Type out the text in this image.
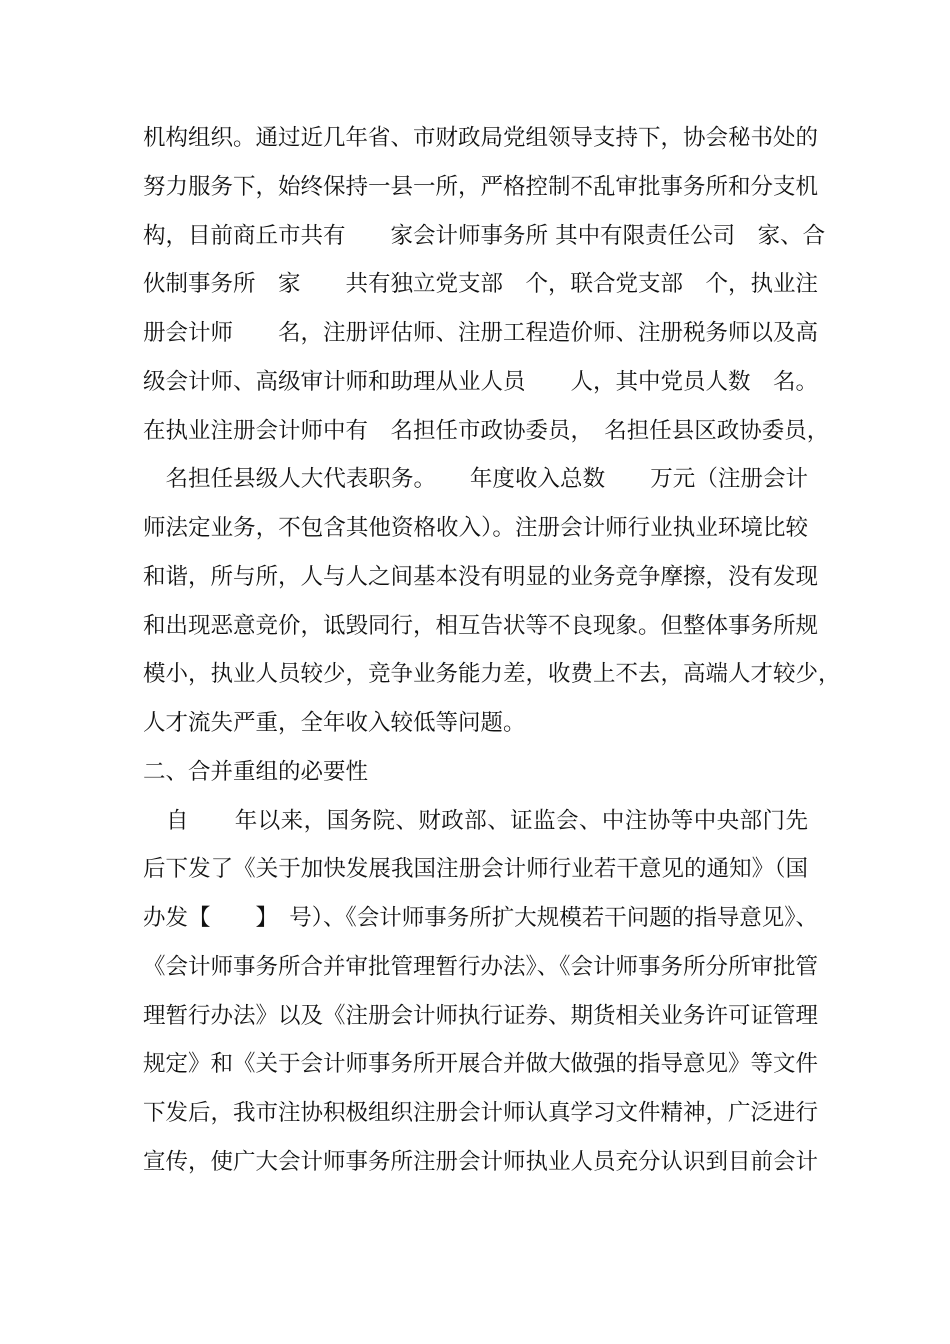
机构组织。通过近几年省、市财政局党组领导支持下，协会秘书处的
努力服务下，始终保持一县一所，严格控制不乱审批事务所和分支机
构，目前商丘市共有　　家会计师事务所 其中有限责任公司　家、合
伙制事务所　家　　共有独立党支部　个，联合党支部　个，执业注
册会计师　　名，注册评估师、注册工程造价师、注册税务师以及高
级会计师、高级审计师和助理从业人员　　人，其中党员人数　名。
在执业注册会计师中有　名担任市政协委员，　名担任县区政协委员，
　名担任县级人大代表职务。　　年度收入总数　　万元（注册会计
师法定业务，不包含其他资格收入）。注册会计师行业执业环境比较
和谐，所与所，人与人之间基本没有明显的业务竞争摩擦，没有发现
和出现恶意竞价，诋毁同行，相互告状等不良现象。但整体事务所规
模小，执业人员较少，竞争业务能力差，收费上不去，高端人才较少，
人才流失严重，全年收入较低等问题。
二、合并重组的必要性
　自　　年以来，国务院、财政部、证监会、中注协等中央部门先
后下发了《关于加快发展我国注册会计师行业若干意见的通知》（国
办发【　　】　号）、《会计师事务所扩大规模若干问题的指导意见》、
《会计师事务所合并审批管理暂行办法》、《会计师事务所分所审批管
理暂行办法》以及《注册会计师执行证券、期货相关业务许可证管理
规定》和《关于会计师事务所开展合并做大做强的指导意见》等文件
下发后，我市注协积极组织注册会计师认真学习文件精神，广泛进行
宣传，使广大会计师事务所注册会计师执业人员充分认识到目前会计
